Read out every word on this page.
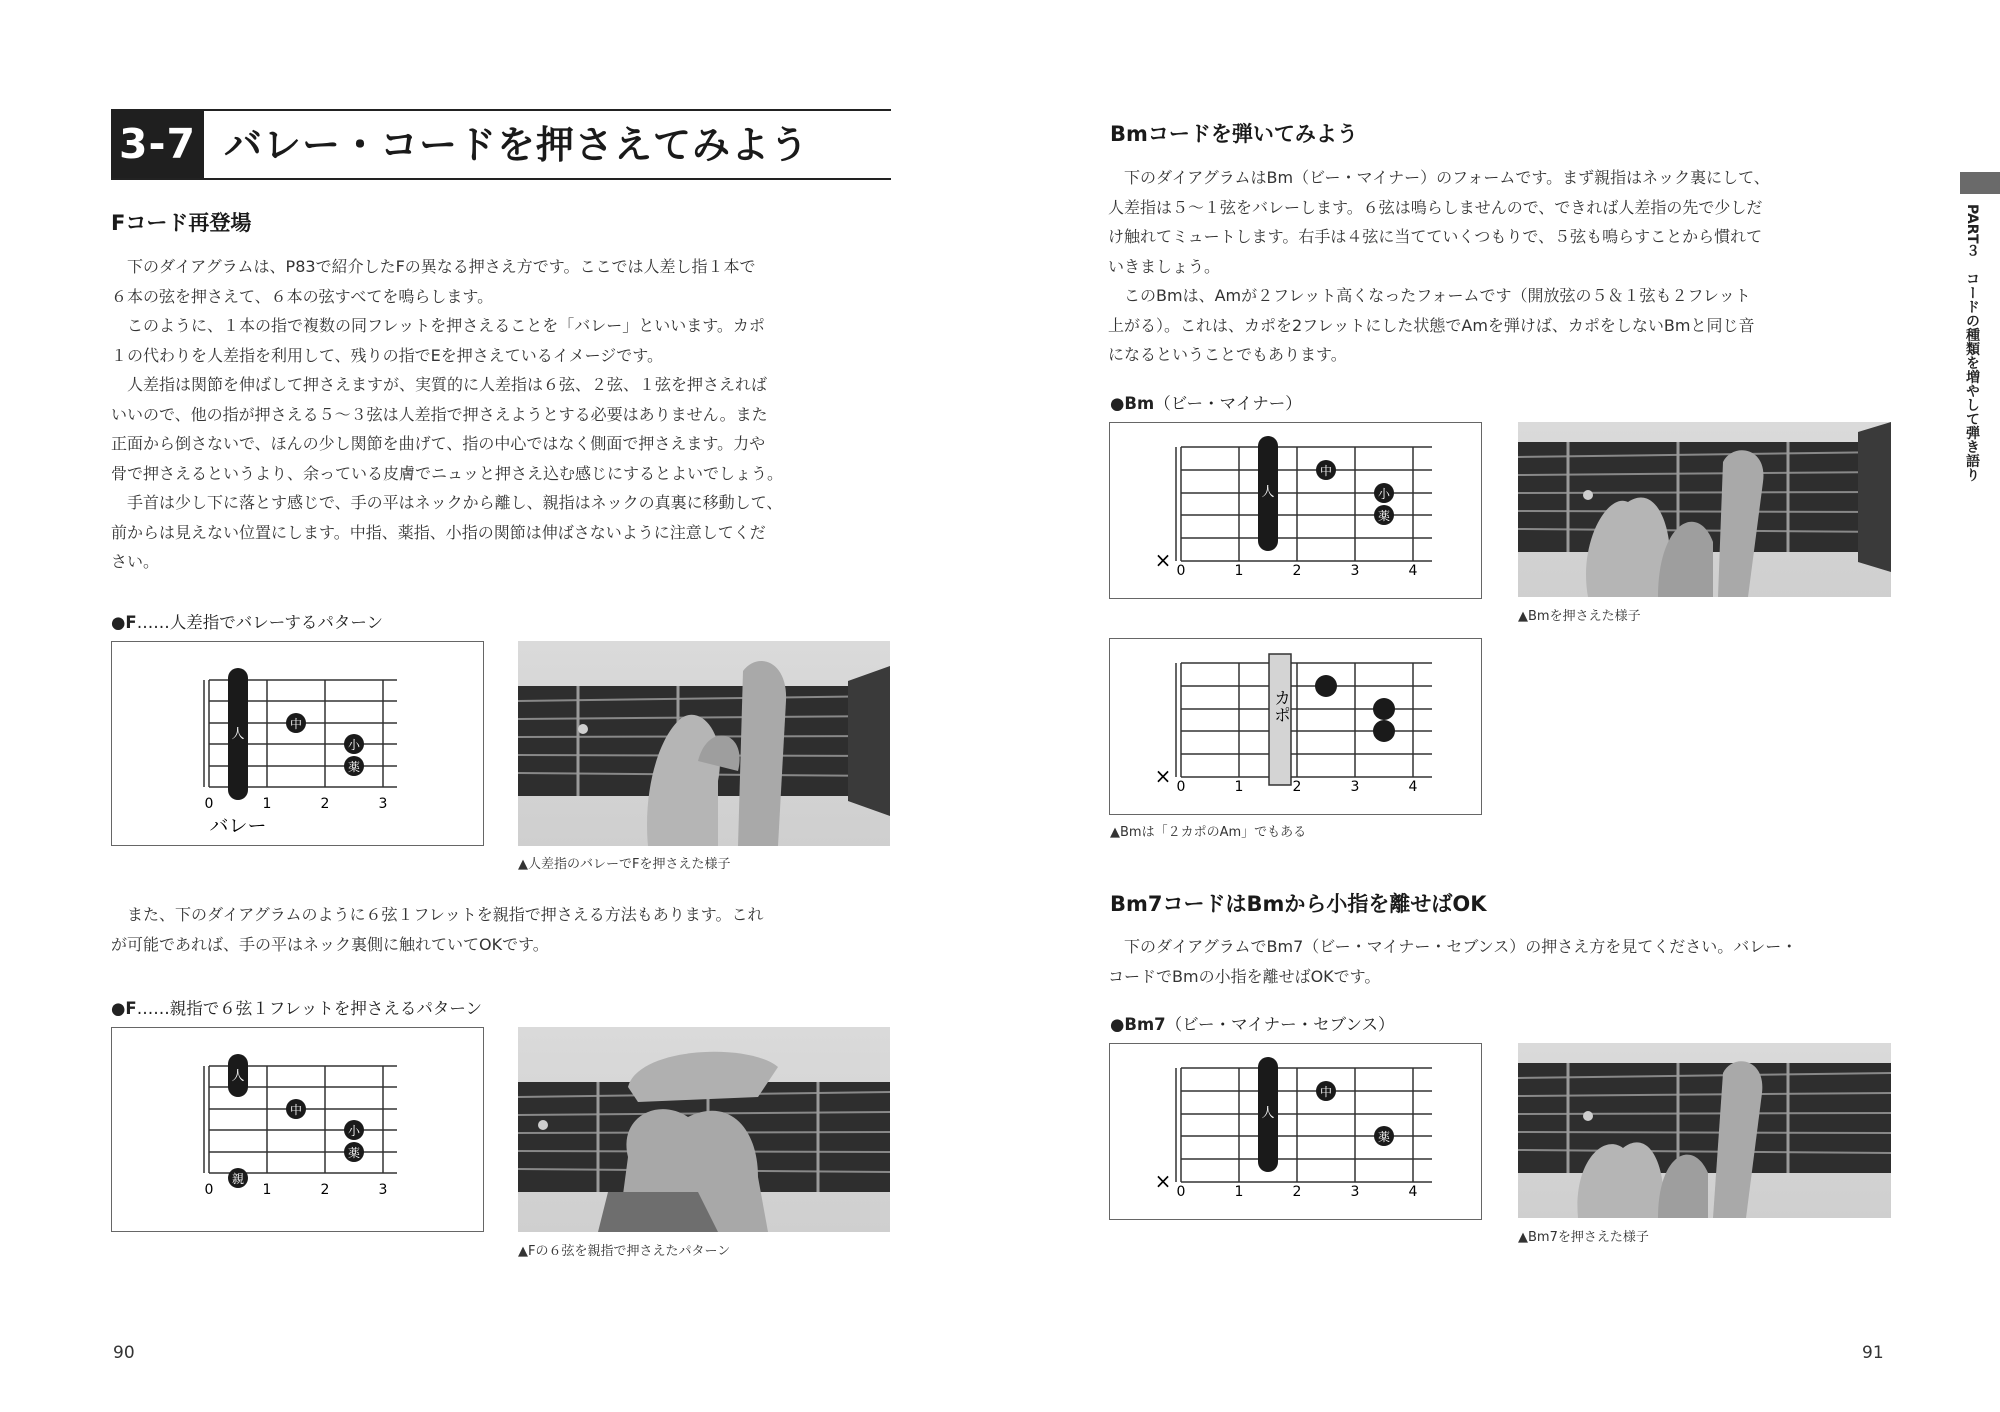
3-7 バレー・コードを押さえてみよう
Fコード再登場

　下のダイアグラムは、P83で紹介したFの異なる押さえ方です。ここでは人差し指１本で

６本の弦を押さえて、６本の弦すべてを鳴らします。

　このように、１本の指で複数の同フレットを押さえることを「バレー」といいます。カポ

１の代わりを人差指を利用して、残りの指でEを押さえているイメージです。

　人差指は関節を伸ばして押さえますが、実質的に人差指は６弦、２弦、１弦を押さえれば

いいので、他の指が押さえる５～３弦は人差指で押さえようとする必要はありません。また

正面から倒さないで、ほんの少し関節を曲げて、指の中心ではなく側面で押さえます。力や

骨で押さえるというより、余っている皮膚でニュッと押さえ込む感じにするとよいでしょう。

　手首は少し下に落とす感じで、手の平はネックから離し、親指はネックの真裏に移動して、

前からは見えない位置にします。中指、薬指、小指の関節は伸ばさないように注意してくだ

さい。

●F……人差指でバレーするパターン
人
中
小
薬
0	1	2	3
バレー
▲人差指のバレーでFを押さえた様子

　また、下のダイアグラムのように６弦１フレットを親指で押さえる方法もあります。これ

が可能であれば、手の平はネック裏側に触れていてOKです。

●F……親指で６弦１フレットを押さえるパターン
人
中
小
薬
親
0	1	2	3
▲Fの６弦を親指で押さえたパターン
90
Bmコードを弾いてみよう

　下のダイアグラムはBm（ビー・マイナー）のフォームです。まず親指はネック裏にして、

人差指は５～１弦をバレーします。６弦は鳴らしませんので、できれば人差指の先で少しだ

け触れてミュートします。右手は４弦に当てていくつもりで、５弦も鳴らすことから慣れて

いきましょう。

　このBmは、Amが２フレット高くなったフォームです（開放弦の５＆１弦も２フレット

上がる）。これは、カポを2フレットにした状態でAmを弾けば、カポをしないBmと同じ音

になるということでもあります。

●Bm（ビー・マイナー）
人
中
小
薬
× 0	1	2	3	4
▲Bmを押さえた様子
カポ
× 0	1	2	3	4
▲Bmは「２カポのAm」でもある
Bm7コードはBmから小指を離せばOK

　下のダイアグラムでBm7（ビー・マイナー・セブンス）の押さえ方を見てください。バレー・

コードでBmの小指を離せばOKです。

●Bm7（ビー・マイナー・セブンス）
人
中
薬
× 0	1	2	3	4
▲Bm7を押さえた様子
91
PART３　コードの種類を増やして弾き語り
